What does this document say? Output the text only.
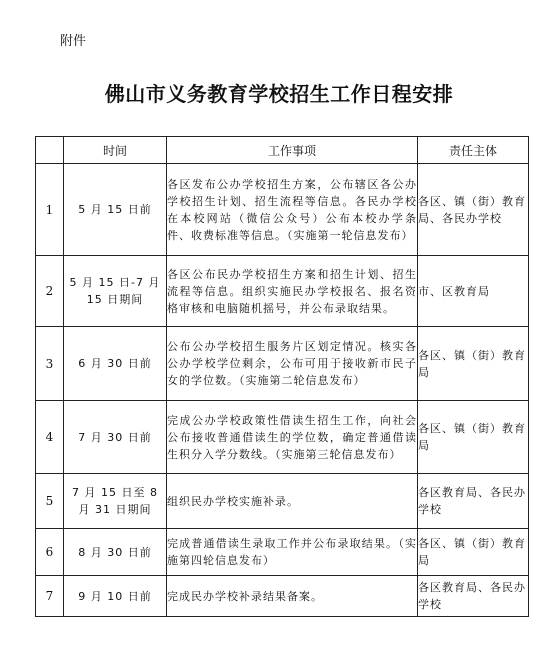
附件
佛山市义务教育学校招生工作日程安排
	时间	工作事项	责任主体
1	5 月 15 日前	各区发布公办学校招生方案，公布辖区各公办学校招生计划、招生流程等信息。各民办学校在本校网站（微信公众号）公布本校办学条件、收费标准等信息。（实施第一轮信息发布）	各区、镇（街）教育局、各民办学校
2	5 月 15 日-7 月 15 日期间	各区公布民办学校招生方案和招生计划、招生流程等信息。组织实施民办学校报名、报名资格审核和电脑随机摇号，并公布录取结果。	市、区教育局
3	6 月 30 日前	公布公办学校招生服务片区划定情况。核实各公办学校学位剩余，公布可用于接收新市民子女的学位数。（实施第二轮信息发布）	各区、镇（街）教育局
4	7 月 30 日前	完成公办学校政策性借读生招生工作，向社会公布接收普通借读生的学位数，确定普通借读生积分入学分数线。（实施第三轮信息发布）	各区、镇（街）教育局
5	7 月 15 日至 8 月 31 日期间	组织民办学校实施补录。	各区教育局、各民办学校
6	8 月 30 日前	完成普通借读生录取工作并公布录取结果。（实施第四轮信息发布）	各区、镇（街）教育局
7	9 月 10 日前	完成民办学校补录结果备案。	各区教育局、各民办学校
